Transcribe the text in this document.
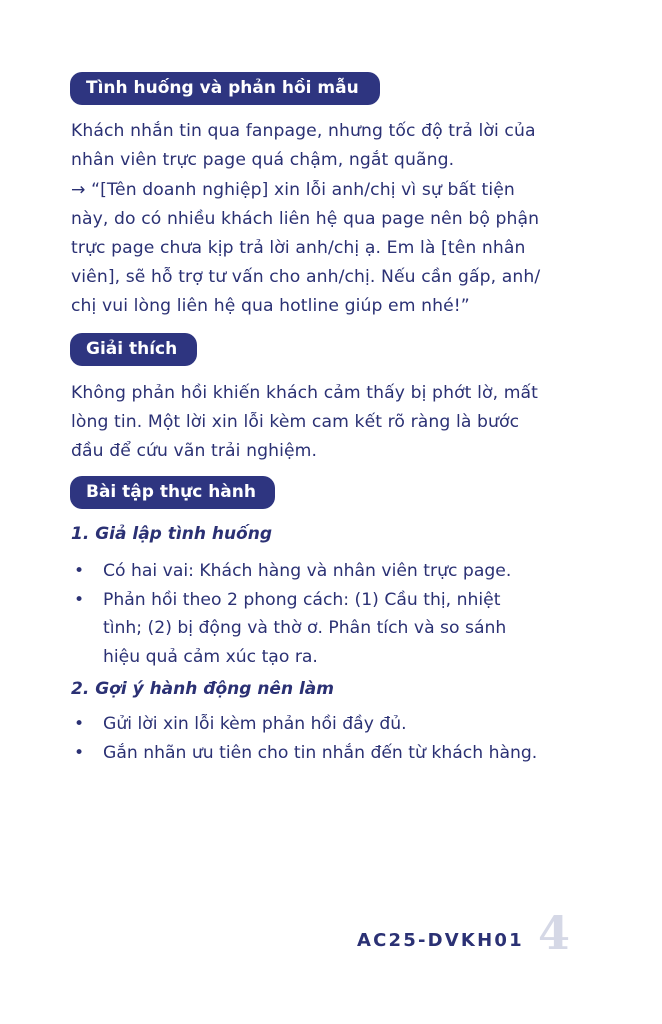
Tình huống và phản hồi mẫu
Khách nhắn tin qua fanpage, nhưng tốc độ trả lời của
nhân viên trực page quá chậm, ngắt quãng.
→ “[Tên doanh nghiệp] xin lỗi anh/chị vì sự bất tiện
này, do có nhiều khách liên hệ qua page nên bộ phận
trực page chưa kịp trả lời anh/chị ạ. Em là [tên nhân
viên], sẽ hỗ trợ tư vấn cho anh/chị. Nếu cần gấp, anh/
chị vui lòng liên hệ qua hotline giúp em nhé!”
Giải thích
Không phản hồi khiến khách cảm thấy bị phớt lờ, mất
lòng tin. Một lời xin lỗi kèm cam kết rõ ràng là bước
đầu để cứu vãn trải nghiệm.
Bài tập thực hành
1. Giả lập tình huống
• Có hai vai: Khách hàng và nhân viên trực page.
• Phản hồi theo 2 phong cách: (1) Cầu thị, nhiệt
tình; (2) bị động và thờ ơ. Phân tích và so sánh
hiệu quả cảm xúc tạo ra.
2. Gợi ý hành động nên làm
• Gửi lời xin lỗi kèm phản hồi đầy đủ.
• Gắn nhãn ưu tiên cho tin nhắn đến từ khách hàng.
AC25-DVKH01 4
